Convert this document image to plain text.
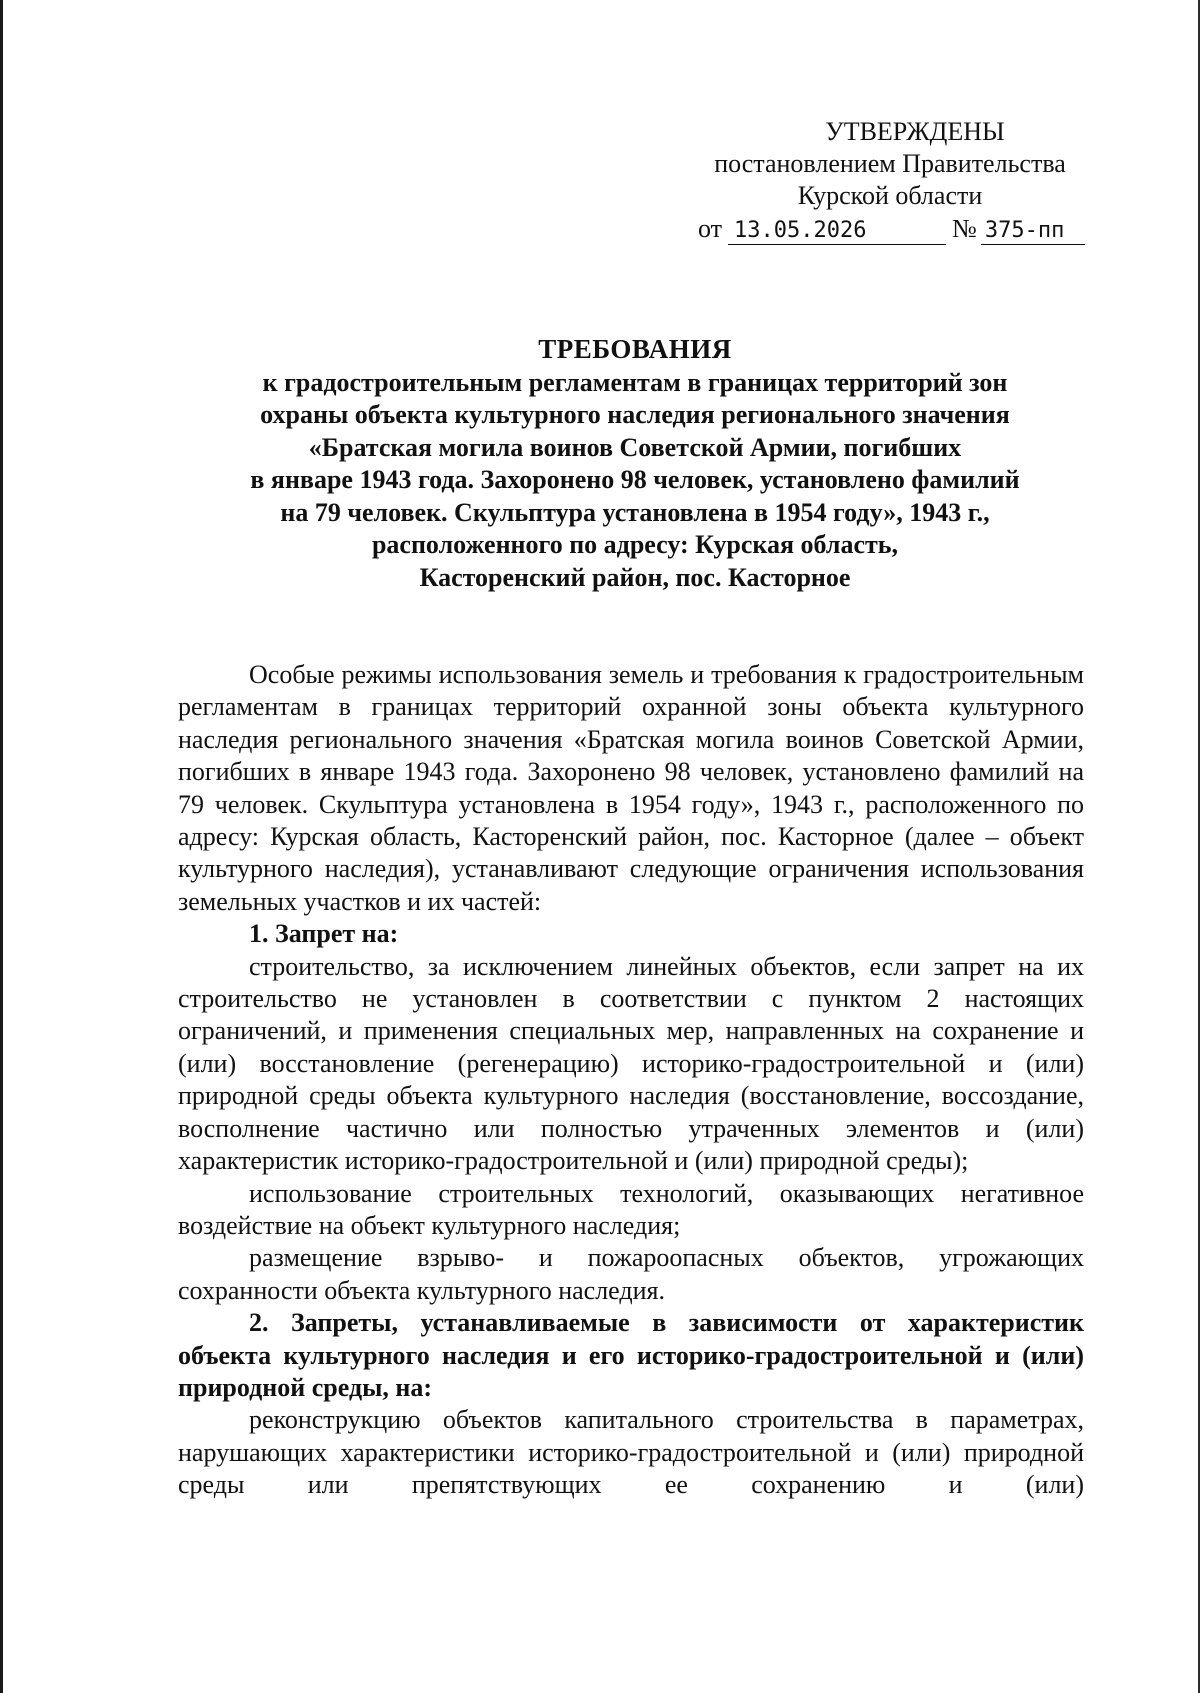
УТВЕРЖДЕНЫ
постановлением Правительства
Курской области
от 13.05.2026	№ 375-пп
ТРЕБОВАНИЯ
к градостроительным регламентам в границах территорий зон
охраны объекта культурного наследия регионального значения
«Братская могила воинов Советской Армии, погибших
в январе 1943 года. Захоронено 98 человек, установлено фамилий
на 79 человек. Скульптура установлена в 1954 году», 1943 г.,
расположенного по адресу: Курская область,
Касторенский район, пос. Касторное

Особые режимы использования земель и требования к градостроительным регламентам в границах территорий охранной зоны объекта культурного наследия регионального значения «Братская могила воинов Советской Армии, погибших в январе 1943 года. Захоронено 98 человек, установлено фамилий на 79 человек. Скульптура установлена в 1954 году», 1943 г., расположенного по адресу: Курская область, Касторенский район, пос. Касторное (далее – объект культурного наследия), устанавливают следующие ограничения использования земельных участков и их частей:

1. Запрет на:

строительство, за исключением линейных объектов, если запрет на их строительство не установлен в соответствии с пунктом 2 настоящих ограничений, и применения специальных мер, направленных на сохранение и (или) восстановление (регенерацию) историко-градостроительной и (или) природной среды объекта культурного наследия (восстановление, воссоздание, восполнение частично или полностью утраченных элементов и (или) характеристик историко-градостроительной и (или) природной среды);

использование строительных технологий, оказывающих негативное воздействие на объект культурного наследия;

размещение взрыво- и пожароопасных объектов, угрожающих сохранности объекта культурного наследия.

2. Запреты, устанавливаемые в зависимости от характеристик объекта культурного наследия и его историко-градостроительной и (или) природной среды, на:

реконструкцию объектов капитального строительства в параметрах, нарушающих характеристики историко-градостроительной и (или) природной среды или препятствующих ее сохранению и (или)
